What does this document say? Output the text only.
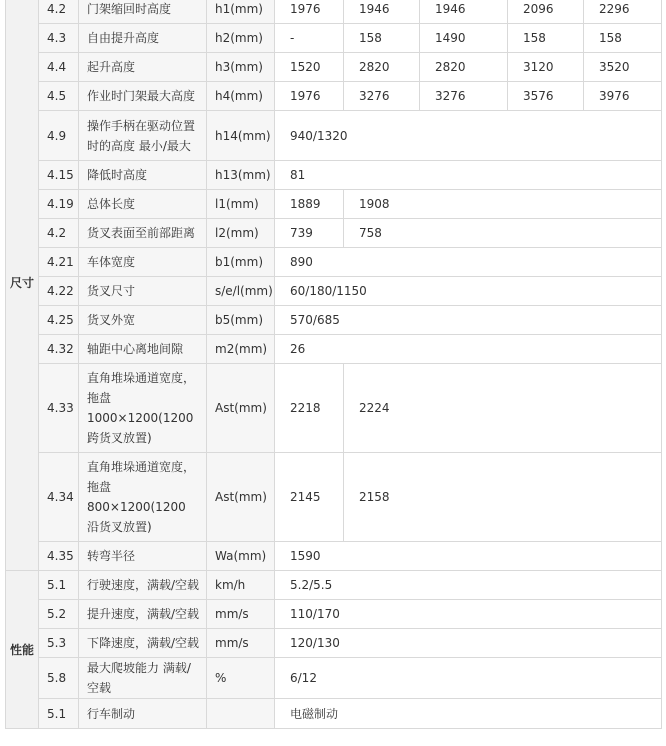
尺寸	4.2	门架缩回时高度	h1(mm)	1976	1946	1946	2096	2296
	4.3	自由提升高度	h2(mm)	-	158	1490	158	158
	4.4	起升高度	h3(mm)	1520	2820	2820	3120	3520
	4.5	作业时门架最大高度	h4(mm)	1976	3276	3276	3576	3976
	4.9	操作手柄在驱动位置时的高度 最小/最大	h14(mm)	940/1320				
	4.15	降低时高度	h13(mm)	81				
	4.19	总体长度	l1(mm)	1889	1908			
	4.2	货叉表面至前部距离	l2(mm)	739	758			
	4.21	车体宽度	b1(mm)	890				
	4.22	货叉尺寸	s/e/l(mm)	60/180/1150				
	4.25	货叉外宽	b5(mm)	570/685				
	4.32	轴距中心离地间隙	m2(mm)	26				
	4.33	直角堆垛通道宽度，拖盘1000×1200(1200跨货叉放置)	Ast(mm)	2218	2224			
	4.34	直角堆垛通道宽度，拖盘800×1200(1200沿货叉放置)	Ast(mm)	2145	2158			
	4.35	转弯半径	Wa(mm)	1590				
性能	5.1	行驶速度，满载/空载	km/h	5.2/5.5				
	5.2	提升速度，满载/空载	mm/s	110/170				
	5.3	下降速度，满载/空载	mm/s	120/130				
	5.8	最大爬坡能力 满载/空载	%	6/12				
	5.1	行车制动		电磁制动				
